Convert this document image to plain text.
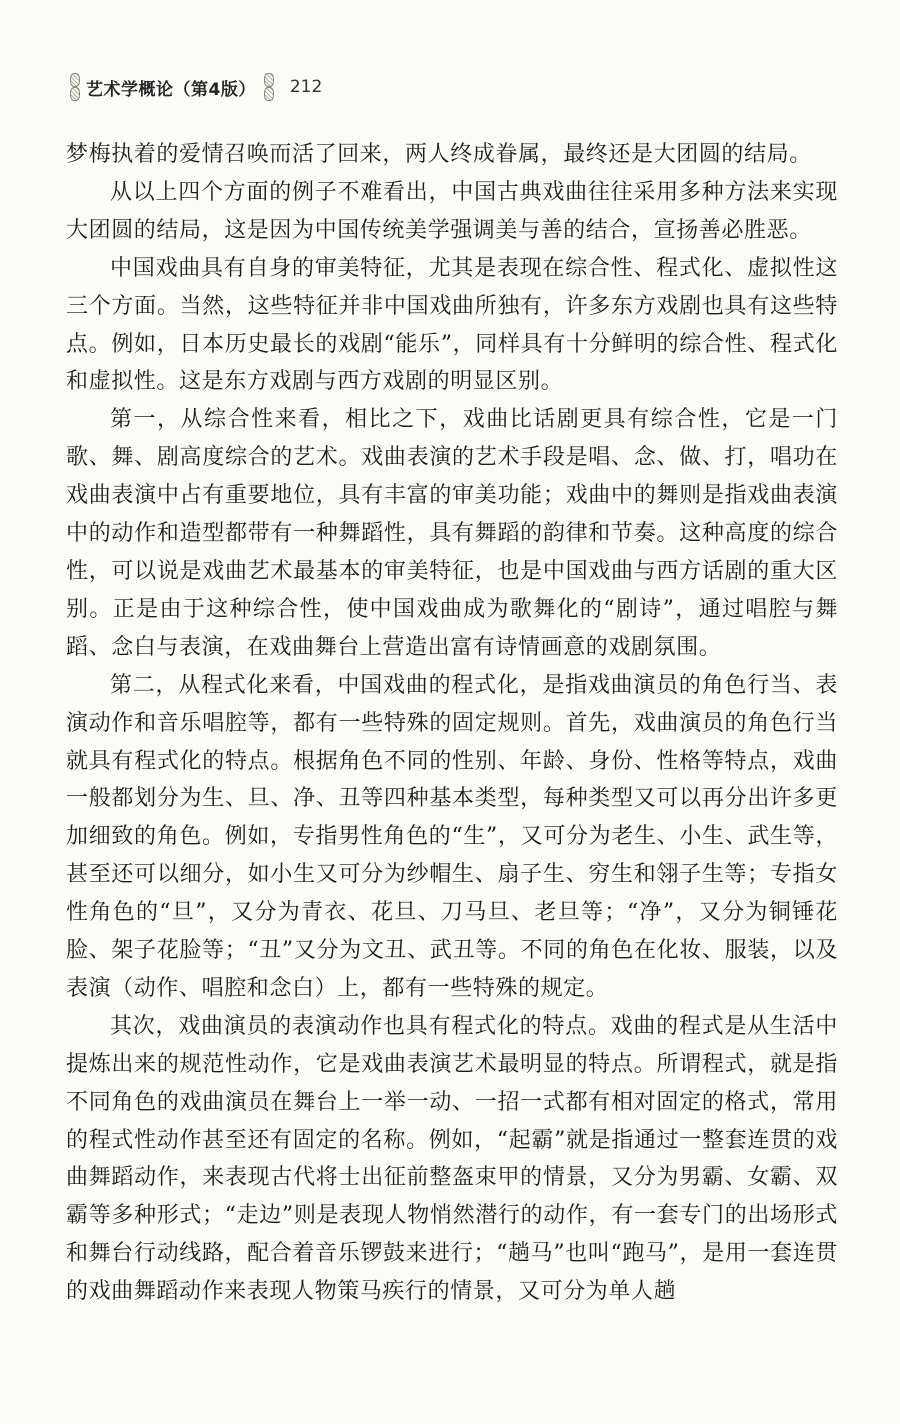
艺术学概论（第4版） 212

梦梅执着的爱情召唤而活了回来，两人终成眷属，最终还是大团圆的结局。

从以上四个方面的例子不难看出，中国古典戏曲往往采用多种方法来实现大团圆的结局，这是因为中国传统美学强调美与善的结合，宣扬善必胜恶。

中国戏曲具有自身的审美特征，尤其是表现在综合性、程式化、虚拟性这三个方面。当然，这些特征并非中国戏曲所独有，许多东方戏剧也具有这些特点。例如，日本历史最长的戏剧“能乐”，同样具有十分鲜明的综合性、程式化和虚拟性。这是东方戏剧与西方戏剧的明显区别。

第一，从综合性来看，相比之下，戏曲比话剧更具有综合性，它是一门歌、舞、剧高度综合的艺术。戏曲表演的艺术手段是唱、念、做、打，唱功在戏曲表演中占有重要地位，具有丰富的审美功能；戏曲中的舞则是指戏曲表演中的动作和造型都带有一种舞蹈性，具有舞蹈的韵律和节奏。这种高度的综合性，可以说是戏曲艺术最基本的审美特征，也是中国戏曲与西方话剧的重大区别。正是由于这种综合性，使中国戏曲成为歌舞化的“剧诗”，通过唱腔与舞蹈、念白与表演，在戏曲舞台上营造出富有诗情画意的戏剧氛围。

第二，从程式化来看，中国戏曲的程式化，是指戏曲演员的角色行当、表演动作和音乐唱腔等，都有一些特殊的固定规则。首先，戏曲演员的角色行当就具有程式化的特点。根据角色不同的性别、年龄、身份、性格等特点，戏曲一般都划分为生、旦、净、丑等四种基本类型，每种类型又可以再分出许多更加细致的角色。例如，专指男性角色的“生”，又可分为老生、小生、武生等，甚至还可以细分，如小生又可分为纱帽生、扇子生、穷生和翎子生等；专指女性角色的“旦”，又分为青衣、花旦、刀马旦、老旦等；“净”，又分为铜锤花脸、架子花脸等；“丑”又分为文丑、武丑等。不同的角色在化妆、服装，以及表演（动作、唱腔和念白）上，都有一些特殊的规定。

其次，戏曲演员的表演动作也具有程式化的特点。戏曲的程式是从生活中提炼出来的规范性动作，它是戏曲表演艺术最明显的特点。所谓程式，就是指不同角色的戏曲演员在舞台上一举一动、一招一式都有相对固定的格式，常用的程式性动作甚至还有固定的名称。例如，“起霸”就是指通过一整套连贯的戏曲舞蹈动作，来表现古代将士出征前整盔束甲的情景，又分为男霸、女霸、双霸等多种形式；“走边”则是表现人物悄然潜行的动作，有一套专门的出场形式和舞台行动线路，配合着音乐锣鼓来进行；“趟马”也叫“跑马”，是用一套连贯的戏曲舞蹈动作来表现人物策马疾行的情景，又可分为单人趟
